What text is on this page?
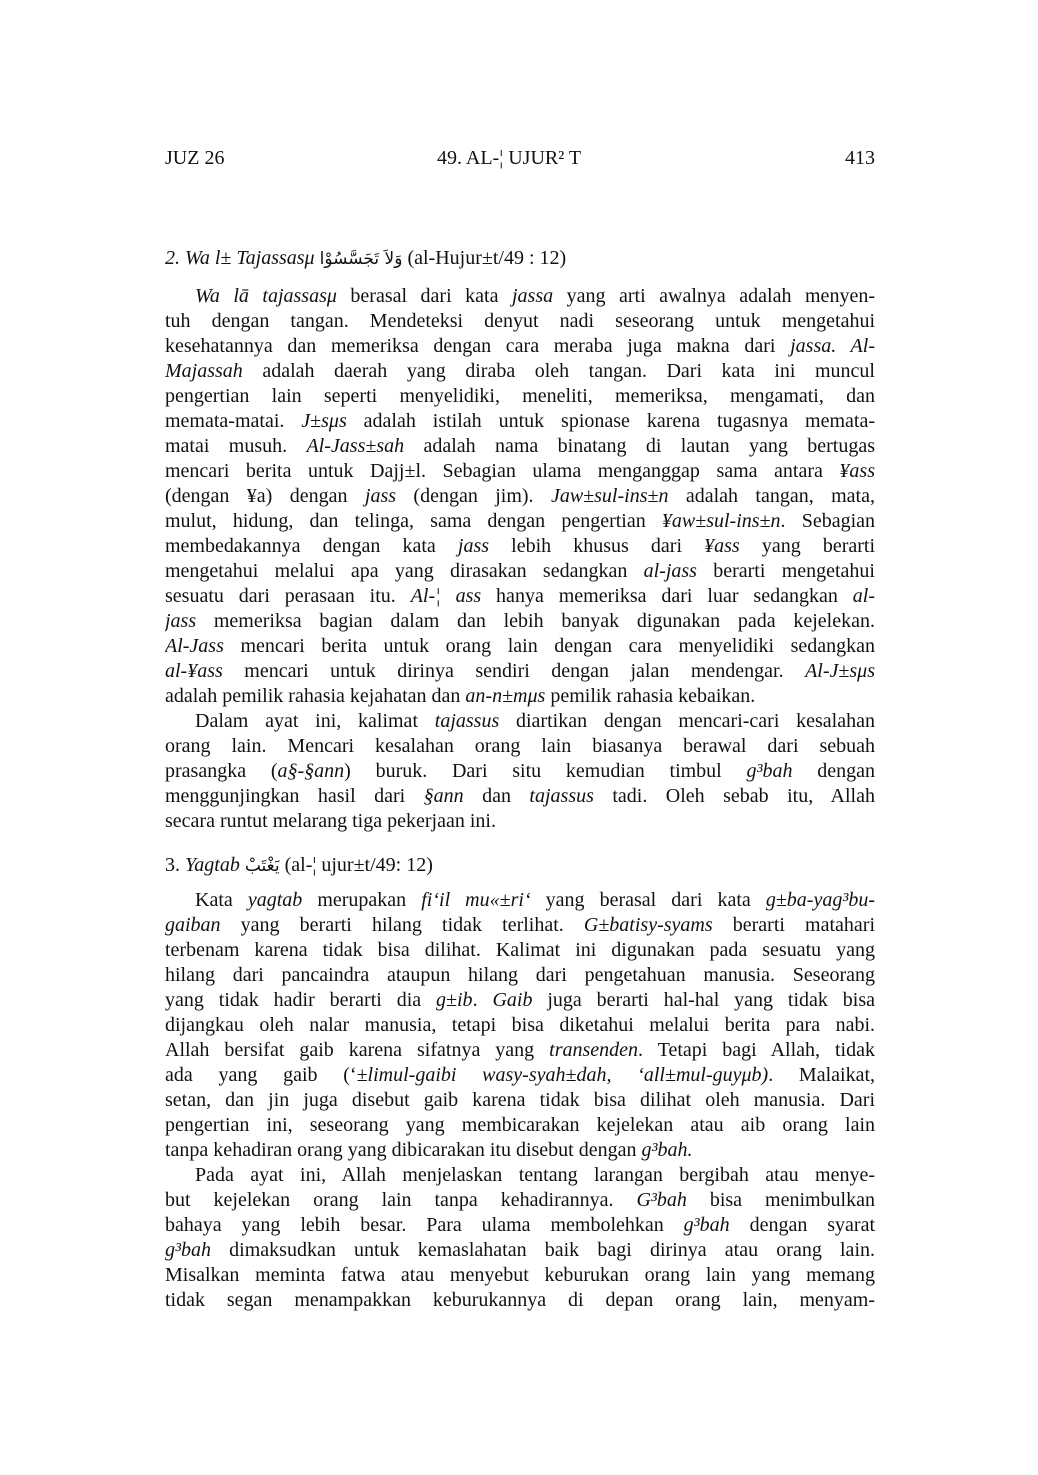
JUZ 26	49. AL-¦ UJUR² T	413
2. Wa l± Tajassasμ وَلاَ تَجَسَّسُوْا (al-Hujur±t/49 : 12)
Wa lā tajassasμ berasal dari kata jassa yang arti awalnya adalah menyen-
tuh dengan tangan. Mendeteksi denyut nadi seseorang untuk mengetahui
kesehatannya dan memeriksa dengan cara meraba juga makna dari jassa. Al-
Majassah adalah daerah yang diraba oleh tangan. Dari kata ini muncul
pengertian lain seperti menyelidiki, meneliti, memeriksa, mengamati, dan
memata-matai. J±sμs adalah istilah untuk spionase karena tugasnya memata-
matai musuh. Al-Jass±sah adalah nama binatang di lautan yang bertugas
mencari berita untuk Dajj±l. Sebagian ulama menganggap sama antara ¥ass
(dengan ¥a) dengan jass (dengan jim). Jaw±sul-ins±n adalah tangan, mata,
mulut, hidung, dan telinga, sama dengan pengertian ¥aw±sul-ins±n. Sebagian
membedakannya dengan kata jass lebih khusus dari ¥ass yang berarti
mengetahui melalui apa yang dirasakan sedangkan al-jass berarti mengetahui
sesuatu dari perasaan itu. Al-¦ ass hanya memeriksa dari luar sedangkan al-
jass memeriksa bagian dalam dan lebih banyak digunakan pada kejelekan.
Al-Jass mencari berita untuk orang lain dengan cara menyelidiki sedangkan
al-¥ass mencari untuk dirinya sendiri dengan jalan mendengar. Al-J±sμs
adalah pemilik rahasia kejahatan dan an-n±mμs pemilik rahasia kebaikan.
Dalam ayat ini, kalimat tajassus diartikan dengan mencari-cari kesalahan
orang lain. Mencari kesalahan orang lain biasanya berawal dari sebuah
prasangka (a§-§ann) buruk. Dari situ kemudian timbul g³bah dengan
menggunjingkan hasil dari §ann dan tajassus tadi. Oleh sebab itu, Allah
secara runtut melarang tiga pekerjaan ini.
3. Yagtab يَغْتَبْ (al-¦ ujur±t/49: 12)
Kata yagtab merupakan fi‘il mu«±ri‘ yang berasal dari kata g±ba-yag³bu-
gaiban yang berarti hilang tidak terlihat. G±batisy-syams berarti matahari
terbenam karena tidak bisa dilihat. Kalimat ini digunakan pada sesuatu yang
hilang dari pancaindra ataupun hilang dari pengetahuan manusia. Seseorang
yang tidak hadir berarti dia g±ib. Gaib juga berarti hal-hal yang tidak bisa
dijangkau oleh nalar manusia, tetapi bisa diketahui melalui berita para nabi.
Allah bersifat gaib karena sifatnya yang transenden. Tetapi bagi Allah, tidak
ada yang gaib (‘±limul-gaibi wasy-syah±dah, ‘all±mul-guyμb). Malaikat,
setan, dan jin juga disebut gaib karena tidak bisa dilihat oleh manusia. Dari
pengertian ini, seseorang yang membicarakan kejelekan atau aib orang lain
tanpa kehadiran orang yang dibicarakan itu disebut dengan g³bah.
Pada ayat ini, Allah menjelaskan tentang larangan bergibah atau menye-
but kejelekan orang lain tanpa kehadirannya. G³bah bisa menimbulkan
bahaya yang lebih besar. Para ulama membolehkan g³bah dengan syarat
g³bah dimaksudkan untuk kemaslahatan baik bagi dirinya atau orang lain.
Misalkan meminta fatwa atau menyebut keburukan orang lain yang memang
tidak segan menampakkan keburukannya di depan orang lain, menyam-
